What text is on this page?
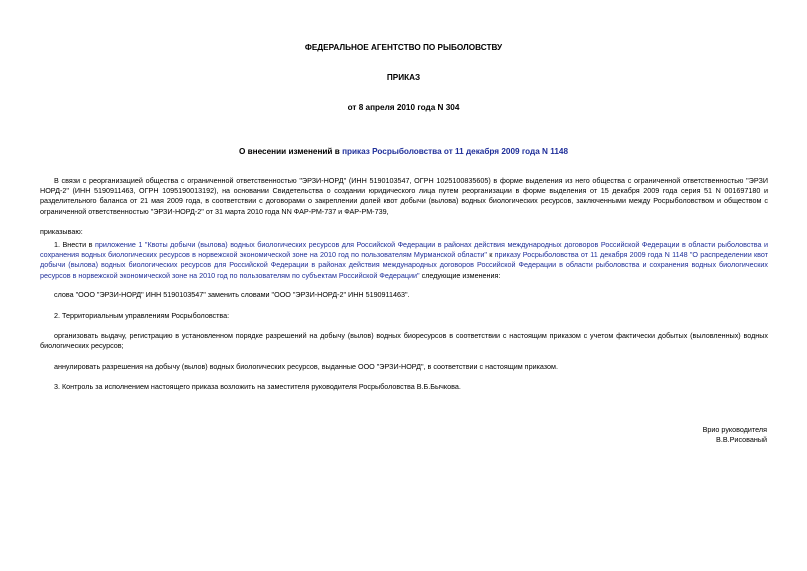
ФЕДЕРАЛЬНОЕ АГЕНТСТВО ПО РЫБОЛОВСТВУ
ПРИКАЗ
от 8 апреля 2010 года N 304
О внесении изменений в приказ Росрыболовства от 11 декабря 2009 года N 1148

В связи с реорганизацией общества с ограниченной ответственностью "ЭРЗИ-НОРД" (ИНН 5190103547, ОГРН 1025100835605) в форме выделения из него общества с ограниченной ответственностью "ЭРЗИ НОРД-2" (ИНН 5190911463, ОГРН 1095190013192), на основании Свидетельства о создании юридического лица путем реорганизации в форме выделения от 15 декабря 2009 года серия 51 N 001697180 и разделительного баланса от 21 мая 2009 года, в соответствии с договорами о закреплении долей квот добычи (вылова) водных биологических ресурсов, заключенными между Росрыболовством и обществом с ограниченной ответственностью "ЭРЗИ-НОРД-2" от 31 марта 2010 года NN ФАР-РМ-737 и ФАР-РМ-739,

приказываю:

1. Внести в приложение 1 "Квоты добычи (вылова) водных биологических ресурсов для Российской Федерации в районах действия международных договоров Российской Федерации в области рыболовства и сохранения водных биологических ресурсов в норвежской экономической зоне на 2010 год по пользователям Мурманской области" к приказу Росрыболовства от 11 декабря 2009 года N 1148 "О распределении квот добычи (вылова) водных биологических ресурсов для Российской Федерации в районах действия международных договоров Российской Федерации в области рыболовства и сохранения водных биологических ресурсов в норвежской экономической зоне на 2010 год по пользователям по субъектам Российской Федерации" следующие изменения:

слова "ООО "ЭРЗИ-НОРД" ИНН 5190103547" заменить словами "ООО "ЭРЗИ-НОРД-2" ИНН 5190911463".

2. Территориальным управлениям Росрыболовства:

организовать выдачу, регистрацию в установленном порядке разрешений на добычу (вылов) водных биоресурсов в соответствии с настоящим приказом с учетом фактически добытых (выловленных) водных биологических ресурсов;

аннулировать разрешения на добычу (вылов) водных биологических ресурсов, выданные ООО "ЭРЗИ-НОРД", в соответствии с настоящим приказом.

3. Контроль за исполнением настоящего приказа возложить на заместителя руководителя Росрыболовства В.Б.Бычкова.

Врио руководителя
В.В.Рисованый
